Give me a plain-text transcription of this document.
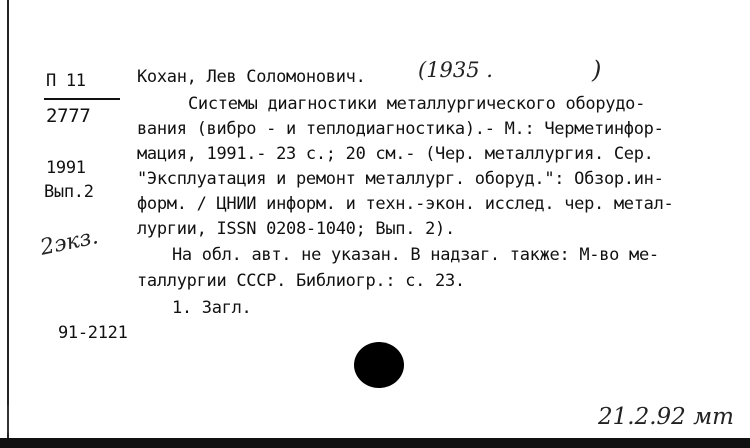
П 11
2777
1991
Вып.2
2экз.
Кохан, Лев Соломонович. (1935 .	)
Системы диагностики металлургического оборудо-
вания (вибро - и теплодиагностика).- М.: Черметинфор-
мация, 1991.- 23 с.; 20 см.- (Чер. металлургия. Сер.
"Эксплуатация и ремонт металлург. оборуд.": Обзор.ин-
форм. / ЦНИИ информ. и техн.-экон. исслед. чер. метал-
лургии, ISSN 0208-1040; Вып. 2).
На обл. авт. не указан. В надзаг. также: М-во ме-
таллургии СССР. Библиогр.: с. 23.
1. Загл.
91-2121
21.2.92 мт
